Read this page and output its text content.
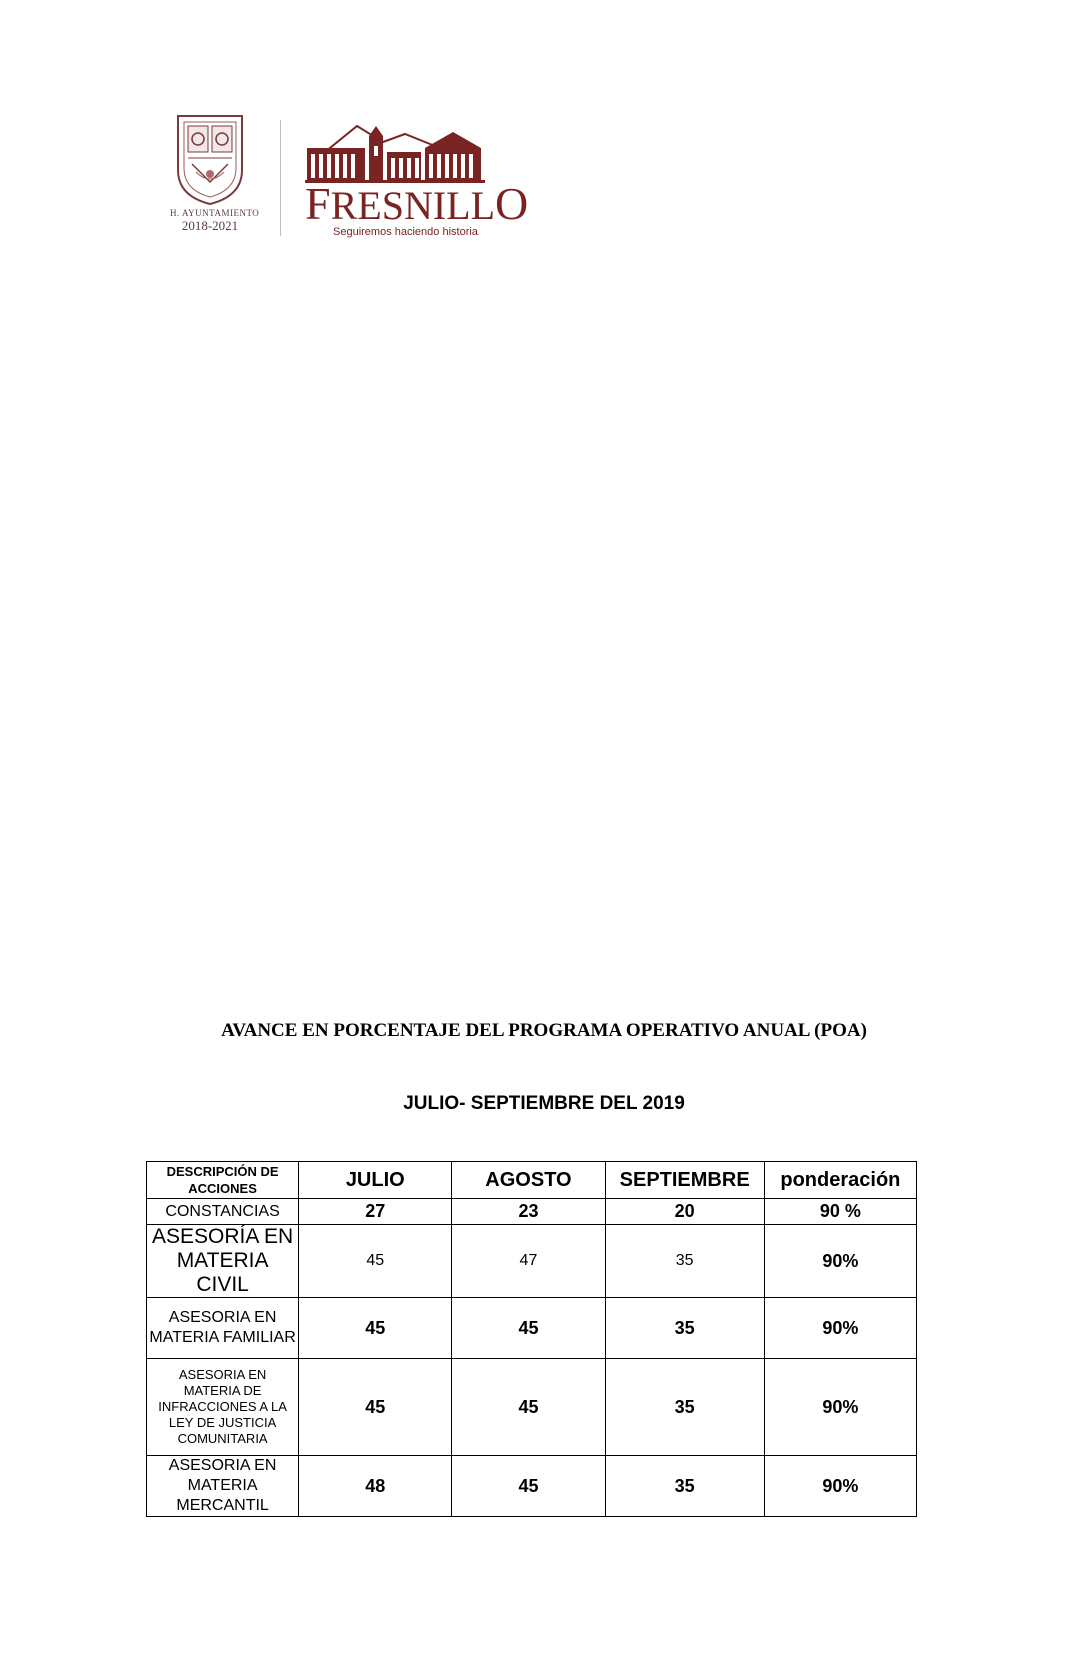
H. AYUNTAMIENTO
2018-2021 FRESNILLO
Seguiremos haciendo historia
AVANCE EN PORCENTAJE DEL PROGRAMA OPERATIVO ANUAL (POA)
JULIO- SEPTIEMBRE DEL 2019
DESCRIPCIÓN DE ACCIONES	JULIO	AGOSTO	SEPTIEMBRE	ponderación
CONSTANCIAS	27	23	20	90 %
ASESORÍA EN MATERIA CIVIL	45	47	35	90%
ASESORIA EN MATERIA FAMILIAR	45	45	35	90%
ASESORIA EN MATERIA DE INFRACCIONES A LA LEY DE JUSTICIA COMUNITARIA	45	45	35	90%
ASESORIA EN MATERIA MERCANTIL	48	45	35	90%
